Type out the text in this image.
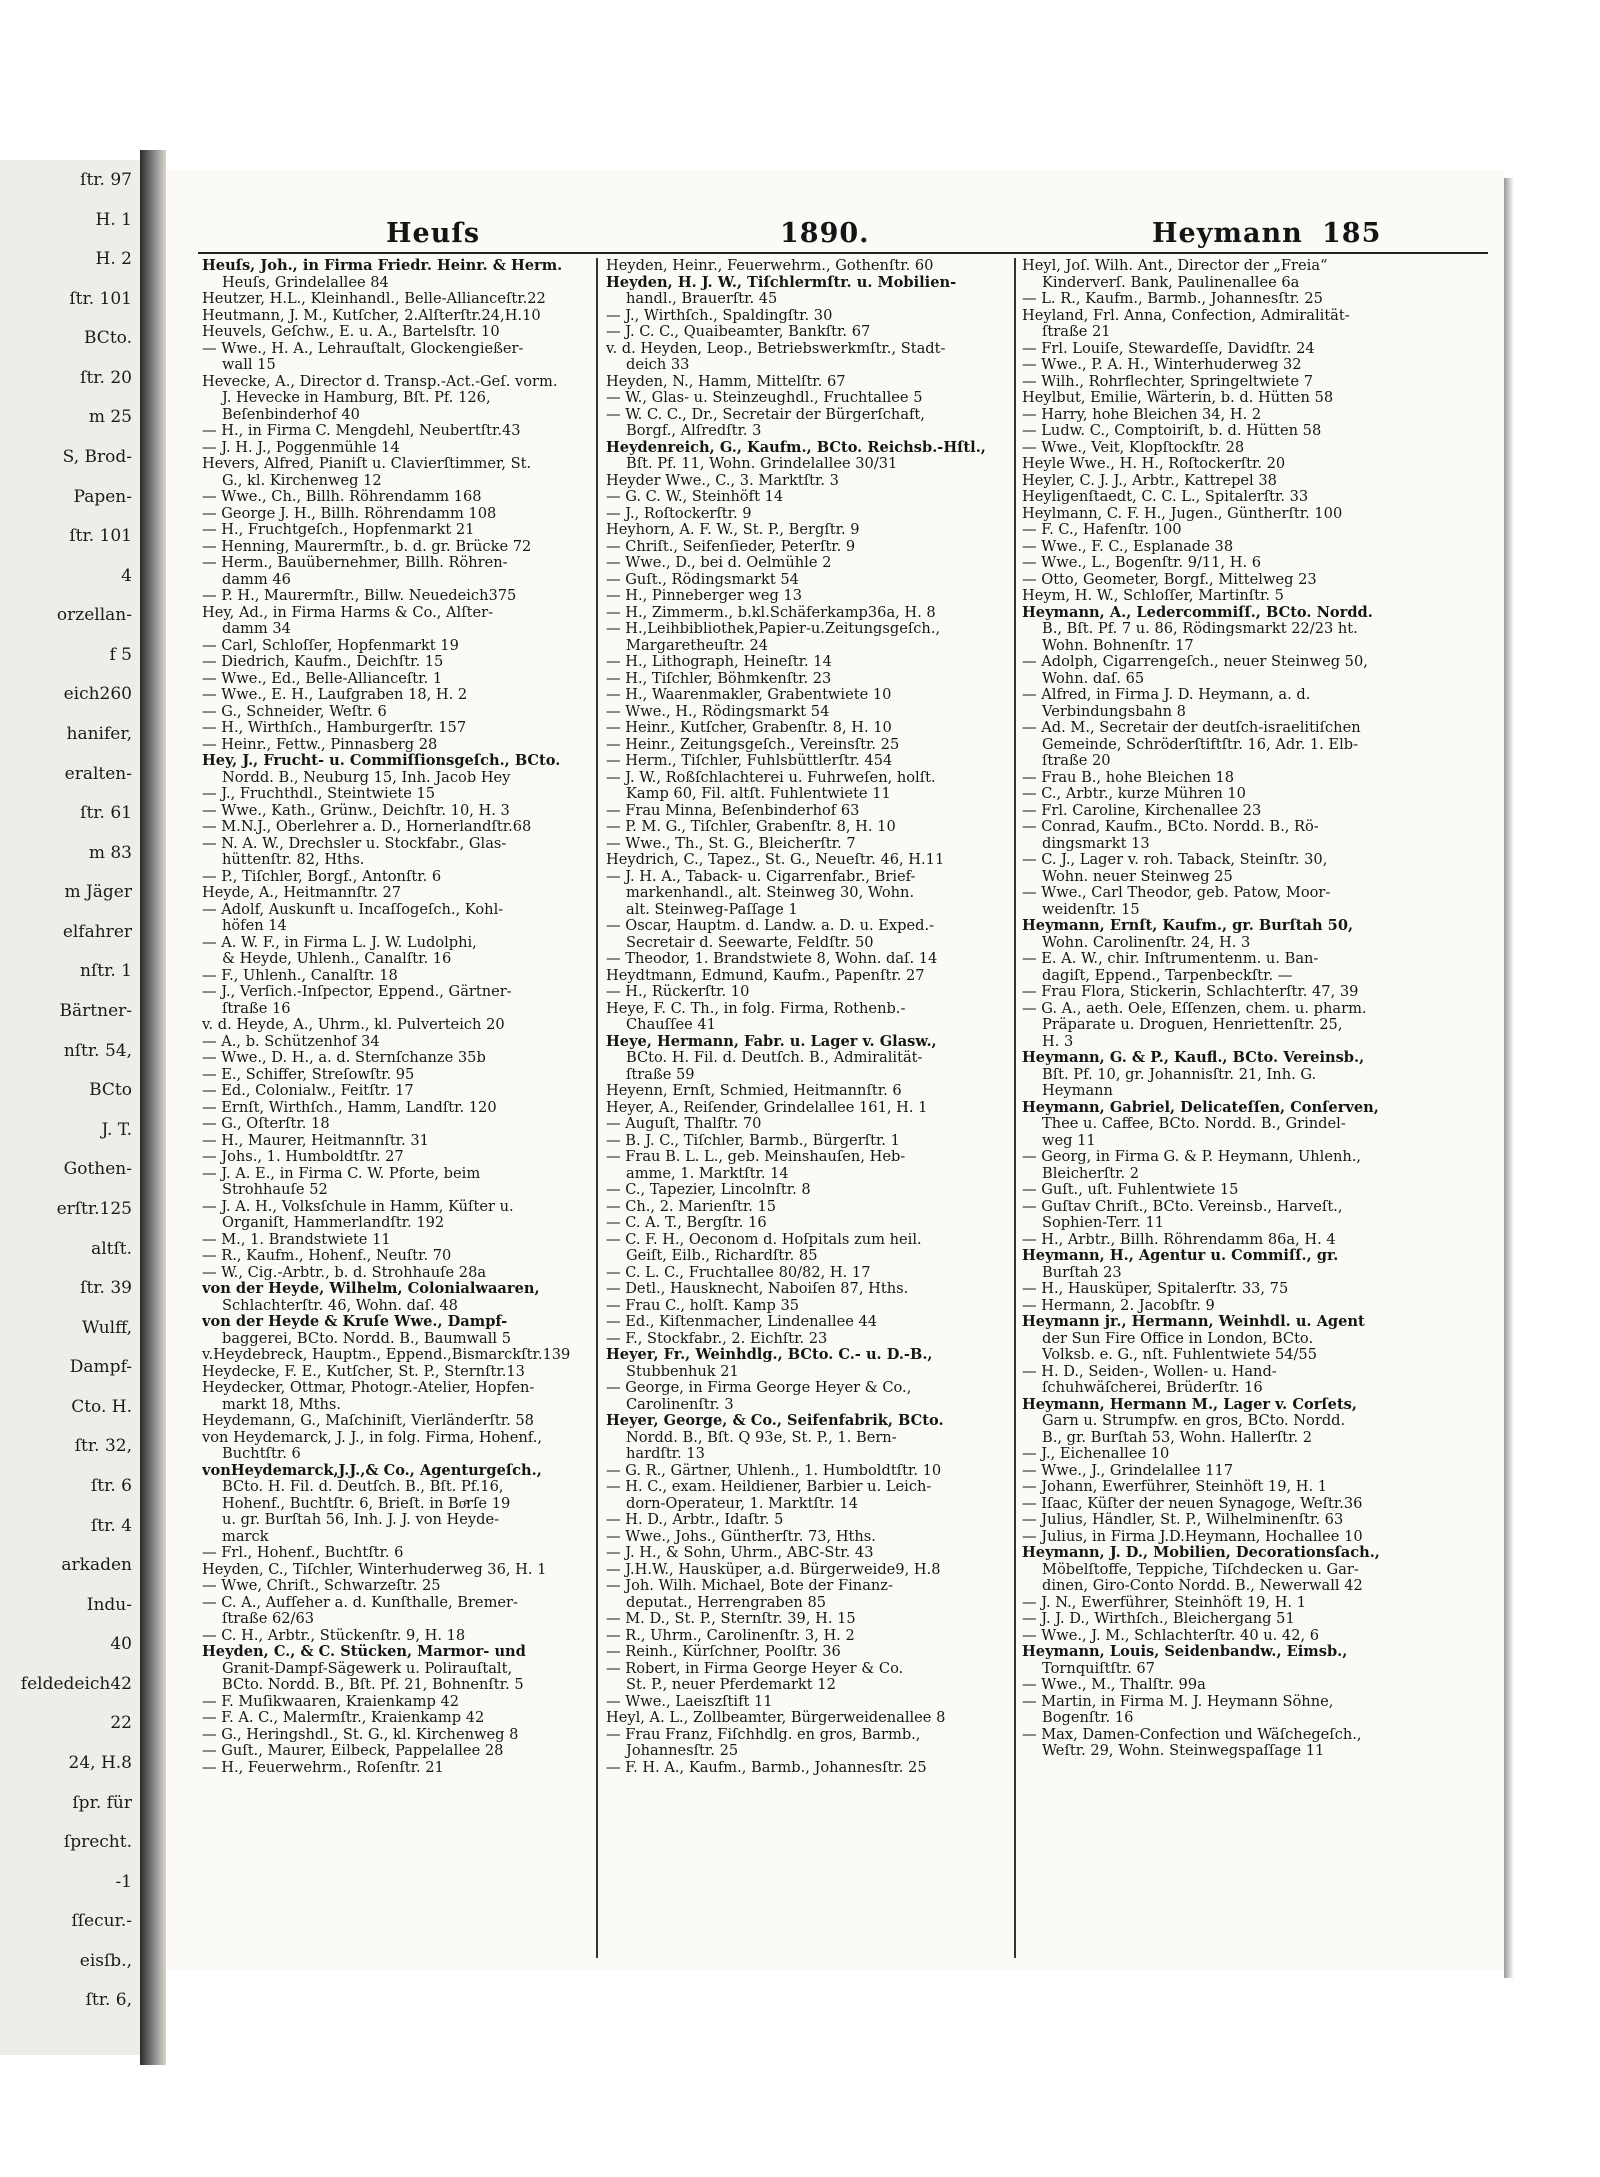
ſtr. 97
H. 1
H. 2
ſtr. 101
BCto.
ſtr. 20
m 25
S, Brod-
Papen-
ſtr. 101
4
orzellan-
f 5
eich260
hanifer,
eralten-
ſtr. 61
m 83
m Jäger
elfahrer
nſtr. 1
Bärtner-
nſtr. 54,
BCto
J. T.
Gothen-
erſtr.125
altſt.
ſtr. 39
Wulff,
Dampf-
Cto. H.
ſtr. 32,
ſtr. 6
ſtr. 4
arkaden
Indu-
40
feldedeich42
22
24, H.8
ſpr. für
ſprecht.
-1
ſſecur.-
eisſb.,
ſtr. 6,
Heuſs	1890.	Heymann 185
Heuſs, Joh., in Firma Friedr. Heinr. & Herm.
Heuſs, Grindelallee 84
Heutzer, H.L., Kleinhandl., Belle-Allianceſtr.22
Heutmann, J. M., Kutſcher, 2.Alſterſtr.24,H.10
Heuvels, Geſchw., E. u. A., Bartelsſtr. 10
— Wwe., H. A., Lehrauſtalt, Glockengießer-
wall 15
Hevecke, A., Director d. Transp.-Act.-Geſ. vorm.
J. Hevecke in Hamburg, Bſt. Pf. 126,
Beſenbinderhof 40
— H., in Firma C. Mengdehl, Neubertſtr.43
— J. H. J., Poggenmühle 14
Hevers, Alfred, Pianiſt u. Clavierſtimmer, St.
G., kl. Kirchenweg 12
— Wwe., Ch., Billh. Röhrendamm 168
— George J. H., Billh. Röhrendamm 108
— H., Fruchtgeſch., Hopfenmarkt 21
— Henning, Maurermſtr., b. d. gr. Brücke 72
— Herm., Bauübernehmer, Billh. Röhren-
damm 46
— P. H., Maurermſtr., Billw. Neuedeich375
Hey, Ad., in Firma Harms & Co., Alſter-
damm 34
— Carl, Schloſſer, Hopfenmarkt 19
— Diedrich, Kaufm., Deichſtr. 15
— Wwe., Ed., Belle-Allianceſtr. 1
— Wwe., E. H., Laufgraben 18, H. 2
— G., Schneider, Weſtr. 6
— H., Wirthſch., Hamburgerſtr. 157
— Heinr., Fettw., Pinnasberg 28
Hey, J., Frucht- u. Commiſſionsgeſch., BCto.
Nordd. B., Neuburg 15, Inh. Jacob Hey
— J., Fruchthdl., Steintwiete 15
— Wwe., Kath., Grünw., Deichſtr. 10, H. 3
— M.N.J., Oberlehrer a. D., Hornerlandſtr.68
— N. A. W., Drechsler u. Stockfabr., Glas-
hüttenſtr. 82, Hths.
— P., Tiſchler, Borgf., Antonſtr. 6
Heyde, A., Heitmannſtr. 27
— Adolf, Auskunft u. Incaſſogeſch., Kohl-
höfen 14
— A. W. F., in Firma L. J. W. Ludolphi,
& Heyde, Uhlenh., Canalſtr. 16
— F., Uhlenh., Canalſtr. 18
— J., Verſich.-Inſpector, Eppend., Gärtner-
ſtraße 16
v. d. Heyde, A., Uhrm., kl. Pulverteich 20
— A., b. Schützenhof 34
— Wwe., D. H., a. d. Sternſchanze 35b
— E., Schiffer, Streſowſtr. 95
— Ed., Colonialw., Feitſtr. 17
— Ernſt, Wirthſch., Hamm, Landſtr. 120
— G., Oſterſtr. 18
— H., Maurer, Heitmannſtr. 31
— Johs., 1. Humboldtſtr. 27
— J. A. E., in Firma C. W. Pforte, beim
Strohhauſe 52
— J. A. H., Volksſchule in Hamm, Küſter u.
Organiſt, Hammerlandſtr. 192
— M., 1. Brandstwiete 11
— R., Kaufm., Hohenf., Neuſtr. 70
— W., Cig.-Arbtr., b. d. Strohhauſe 28a
von der Heyde, Wilhelm, Colonialwaaren,
Schlachterſtr. 46, Wohn. daſ. 48
von der Heyde & Kruſe Wwe., Dampf-
baggerei, BCto. Nordd. B., Baumwall 5
v.Heydebreck, Hauptm., Eppend.,Bismarckſtr.139
Heydecke, F. E., Kutſcher, St. P., Sternſtr.13
Heydecker, Ottmar, Photogr.-Atelier, Hopfen-
markt 18, Mths.
Heydemann, G., Maſchiniſt, Vierländerſtr. 58
von Heydemarck, J. J., in folg. Firma, Hohenf.,
Buchtſtr. 6
vonHeydemarck,J.J.,& Co., Agenturgeſch.,
BCto. H. Fil. d. Deutſch. B., Bſt. Pf.16,
Hohenf., Buchtſtr. 6, Brieſt. in Boͤrſe 19
u. gr. Burſtah 56, Inh. J. J. von Heyde-
marck
— Frl., Hohenf., Buchtſtr. 6
Heyden, C., Tiſchler, Winterhuderweg 36, H. 1
— Wwe, Chriſt., Schwarzeſtr. 25
— C. A., Aufſeher a. d. Kunſthalle, Bremer-
ſtraße 62/63
— C. H., Arbtr., Stückenſtr. 9, H. 18
Heyden, C., & C. Stücken, Marmor- und
Granit-Dampf-Sägewerk u. Polirauſtalt,
BCto. Nordd. B., Bſt. Pf. 21, Bohnenſtr. 5
— F. Muſikwaaren, Kraienkamp 42
— F. A. C., Malermſtr., Kraienkamp 42
— G., Heringshdl., St. G., kl. Kirchenweg 8
— Guſt., Maurer, Eilbeck, Pappelallee 28
— H., Feuerwehrm., Roſenſtr. 21
Heyden, Heinr., Feuerwehrm., Gothenſtr. 60
Heyden, H. J. W., Tiſchlermſtr. u. Mobilien-
handl., Brauerſtr. 45
— J., Wirthſch., Spaldingſtr. 30
— J. C. C., Quaibeamter, Bankſtr. 67
v. d. Heyden, Leop., Betriebswerkmſtr., Stadt-
deich 33
Heyden, N., Hamm, Mittelſtr. 67
— W., Glas- u. Steinzeughdl., Fruchtallee 5
— W. C. C., Dr., Secretair der Bürgerſchaft,
Borgf., Alſredſtr. 3
Heydenreich, G., Kaufm., BCto. Reichsb.-Hſtl.,
Bſt. Pf. 11, Wohn. Grindelallee 30/31
Heyder Wwe., C., 3. Marktſtr. 3
— G. C. W., Steinhöft 14
— J., Roſtockerſtr. 9
Heyhorn, A. F. W., St. P., Bergſtr. 9
— Chriſt., Seifenſieder, Peterſtr. 9
— Wwe., D., bei d. Oelmühle 2
— Guſt., Rödingsmarkt 54
— H., Pinneberger weg 13
— H., Zimmerm., b.kl.Schäferkamp36a, H. 8
— H.,Leihbibliothek,Papier-u.Zeitungsgeſch.,
Margaretheuſtr. 24
— H., Lithograph, Heineſtr. 14
— H., Tiſchler, Böhmkenſtr. 23
— H., Waarenmakler, Grabentwiete 10
— Wwe., H., Rödingsmarkt 54
— Heinr., Kutſcher, Grabenſtr. 8, H. 10
— Heinr., Zeitungsgeſch., Vereinsſtr. 25
— Herm., Tiſchler, Fuhlsbüttlerſtr. 454
— J. W., Roßſchlachterei u. Fuhrweſen, holſt.
Kamp 60, Fil. altſt. Fuhlentwiete 11
— Frau Minna, Beſenbinderhof 63
— P. M. G., Tiſchler, Grabenſtr. 8, H. 10
— Wwe., Th., St. G., Bleicherſtr. 7
Heydrich, C., Tapez., St. G., Neueſtr. 46, H.11
— J. H. A., Taback- u. Cigarrenfabr., Brief-
markenhandl., alt. Steinweg 30, Wohn.
alt. Steinweg-Paſſage 1
— Oscar, Hauptm. d. Landw. a. D. u. Exped.-
Secretair d. Seewarte, Feldſtr. 50
— Theodor, 1. Brandstwiete 8, Wohn. daſ. 14
Heydtmann, Edmund, Kaufm., Papenſtr. 27
— H., Rückerſtr. 10
Heye, F. C. Th., in folg. Firma, Rothenb.-
Chauſſee 41
Heye, Hermann, Fabr. u. Lager v. Glasw.,
BCto. H. Fil. d. Deutſch. B., Admiralität-
ſtraße 59
Heyenn, Ernſt, Schmied, Heitmannſtr. 6
Heyer, A., Reiſender, Grindelallee 161, H. 1
— Auguſt, Thalſtr. 70
— B. J. C., Tiſchler, Barmb., Bürgerſtr. 1
— Frau B. L. L., geb. Meinshauſen, Heb-
amme, 1. Marktſtr. 14
— C., Tapezier, Lincolnſtr. 8
— Ch., 2. Marienſtr. 15
— C. A. T., Bergſtr. 16
— C. F. H., Oeconom d. Hoſpitals zum heil.
Geiſt, Eilb., Richardſtr. 85
— C. L. C., Fruchtallee 80/82, H. 17
— Detl., Hausknecht, Naboiſen 87, Hths.
— Frau C., holſt. Kamp 35
— Ed., Kiſtenmacher, Lindenallee 44
— F., Stockfabr., 2. Eichſtr. 23
Heyer, Fr., Weinhdlg., BCto. C.- u. D.-B.,
Stubbenhuk 21
— George, in Firma George Heyer & Co.,
Carolinenſtr. 3
Heyer, George, & Co., Seifenfabrik, BCto.
Nordd. B., Bſt. Q 93e, St. P., 1. Bern-
hardſtr. 13
— G. R., Gärtner, Uhlenh., 1. Humboldtſtr. 10
— H. C., exam. Heildiener, Barbier u. Leich-
dorn-Operateur, 1. Marktſtr. 14
— H. D., Arbtr., Idaſtr. 5
— Wwe., Johs., Güntherſtr. 73, Hths.
— J. H., & Sohn, Uhrm., ABC-Str. 43
— J.H.W., Hausküper, a.d. Bürgerweide9, H.8
— Joh. Wilh. Michael, Bote der Finanz-
deputat., Herrengraben 85
— M. D., St. P., Sternſtr. 39, H. 15
— R., Uhrm., Carolinenſtr. 3, H. 2
— Reinh., Kürſchner, Poolſtr. 36
— Robert, in Firma George Heyer & Co.
St. P., neuer Pferdemarkt 12
— Wwe., Laeiszſtift 11
Heyl, A. L., Zollbeamter, Bürgerweidenallee 8
— Frau Franz, Fiſchhdlg. en gros, Barmb.,
Johannesſtr. 25
— F. H. A., Kaufm., Barmb., Johannesſtr. 25
Heyl, Joſ. Wilh. Ant., Director der „Freia“
Kinderverſ. Bank, Paulinenallee 6a
— L. R., Kaufm., Barmb., Johannesſtr. 25
Heyland, Frl. Anna, Confection, Admiralität-
ſtraße 21
— Frl. Louiſe, Stewardeſſe, Davidſtr. 24
— Wwe., P. A. H., Winterhuderweg 32
— Wilh., Rohrflechter, Springeltwiete 7
Heylbut, Emilie, Wärterin, b. d. Hütten 58
— Harry, hohe Bleichen 34, H. 2
— Ludw. C., Comptoiriſt, b. d. Hütten 58
— Wwe., Veit, Klopſtockſtr. 28
Heyle Wwe., H. H., Roſtockerſtr. 20
Heyler, C. J. J., Arbtr., Kattrepel 38
Heyligenſtaedt, C. C. L., Spitalerſtr. 33
Heylmann, C. F. H., Jugen., Güntherſtr. 100
— F. C., Hafenſtr. 100
— Wwe., F. C., Esplanade 38
— Wwe., L., Bogenſtr. 9/11, H. 6
— Otto, Geometer, Borgf., Mittelweg 23
Heym, H. W., Schloſſer, Martinſtr. 5
Heymann, A., Ledercommiſſ., BCto. Nordd.
B., Bſt. Pf. 7 u. 86, Rödingsmarkt 22/23 ht.
Wohn. Bohnenſtr. 17
— Adolph, Cigarrengeſch., neuer Steinweg 50,
Wohn. daſ. 65
— Alfred, in Firma J. D. Heymann, a. d.
Verbindungsbahn 8
— Ad. M., Secretair der deutſch-israelitiſchen
Gemeinde, Schröderſtiftſtr. 16, Adr. 1. Elb-
ſtraße 20
— Frau B., hohe Bleichen 18
— C., Arbtr., kurze Mühren 10
— Frl. Caroline, Kirchenallee 23
— Conrad, Kaufm., BCto. Nordd. B., Rö-
dingsmarkt 13
— C. J., Lager v. roh. Taback, Steinſtr. 30,
Wohn. neuer Steinweg 25
— Wwe., Carl Theodor, geb. Patow, Moor-
weidenſtr. 15
Heymann, Ernſt, Kaufm., gr. Burſtah 50,
Wohn. Carolinenſtr. 24, H. 3
— E. A. W., chir. Inſtrumentenm. u. Ban-
dagiſt, Eppend., Tarpenbeckſtr. —
— Frau Flora, Stickerin, Schlachterſtr. 47, 39
— G. A., aeth. Oele, Eſſenzen, chem. u. pharm.
Präparate u. Droguen, Henriettenſtr. 25,
H. 3
Heymann, G. & P., Kaufl., BCto. Vereinsb.,
Bſt. Pf. 10, gr. Johannisſtr. 21, Inh. G.
Heymann
Heymann, Gabriel, Delicateſſen, Conſerven,
Thee u. Caffee, BCto. Nordd. B., Grindel-
weg 11
— Georg, in Firma G. & P. Heymann, Uhlenh.,
Bleicherſtr. 2
— Guſt., uſt. Fuhlentwiete 15
— Guſtav Chriſt., BCto. Vereinsb., Harveſt.,
Sophien-Terr. 11
— H., Arbtr., Billh. Röhrendamm 86a, H. 4
Heymann, H., Agentur u. Commiſſ., gr.
Burſtah 23
— H., Hausküper, Spitalerſtr. 33, 75
— Hermann, 2. Jacobſtr. 9
Heymann jr., Hermann, Weinhdl. u. Agent
der Sun Fire Office in London, BCto.
Volksb. e. G., nſt. Fuhlentwiete 54/55
— H. D., Seiden-, Wollen- u. Hand-
ſchuhwäſcherei, Brüderſtr. 16
Heymann, Hermann M., Lager v. Corſets,
Garn u. Strumpfw. en gros, BCto. Nordd.
B., gr. Burſtah 53, Wohn. Hallerſtr. 2
— J., Eichenallee 10
— Wwe., J., Grindelallee 117
— Johann, Ewerführer, Steinhöft 19, H. 1
— Iſaac, Küſter der neuen Synagoge, Weſtr.36
— Julius, Händler, St. P., Wilhelminenſtr. 63
— Julius, in Firma J.D.Heymann, Hochallee 10
Heymann, J. D., Mobilien, Decorationsſach.,
Möbelſtoffe, Teppiche, Tiſchdecken u. Gar-
dinen, Giro-Conto Nordd. B., Newerwall 42
— J. N., Ewerführer, Steinhöft 19, H. 1
— J. J. D., Wirthſch., Bleichergang 51
— Wwe., J. M., Schlachterſtr. 40 u. 42, 6
Heymann, Louis, Seidenbandw., Eimsb.,
Tornquiſtſtr. 67
— Wwe., M., Thalſtr. 99a
— Martin, in Firma M. J. Heymann Söhne,
Bogenſtr. 16
— Max, Damen-Confection und Wäſchegeſch.,
Weſtr. 29, Wohn. Steinwegspaſſage 11
